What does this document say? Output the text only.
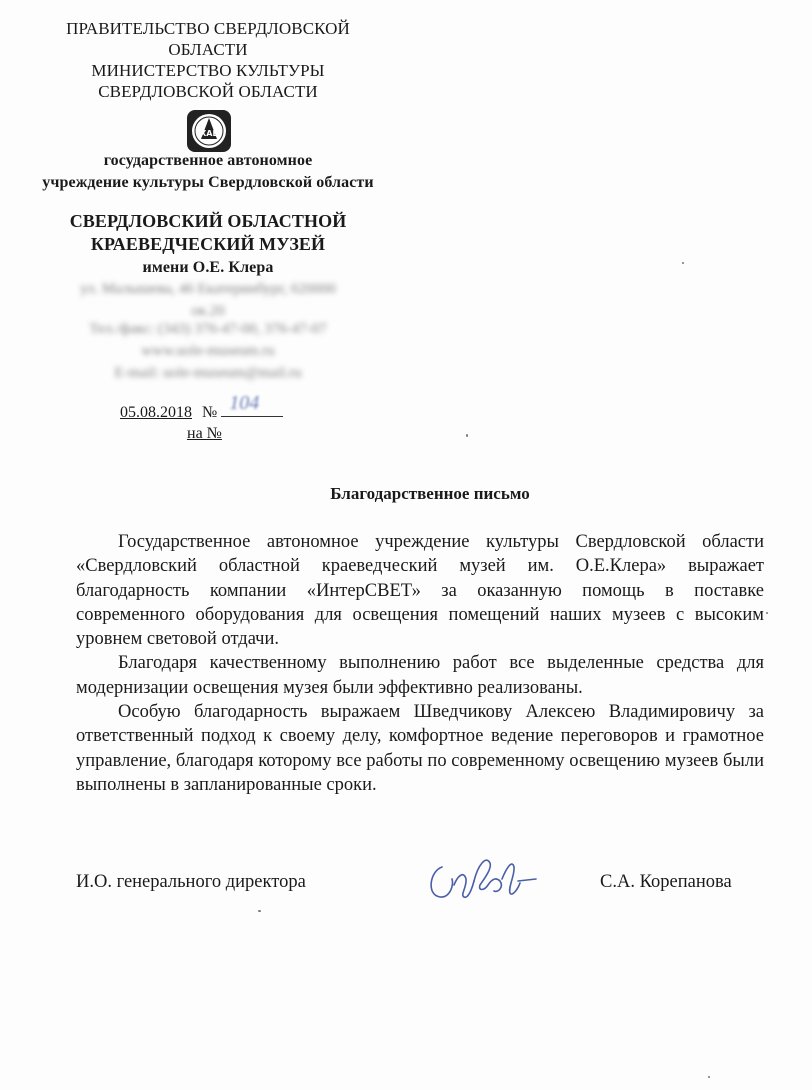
ПРАВИТЕЛЬСТВО СВЕРДЛОВСКОЙ
ОБЛАСТИ
МИНИСТЕРСТВО КУЛЬТУРЫ
СВЕРДЛОВСКОЙ ОБЛАСТИ
ХАЕ
государственное автономное
учреждение культуры Свердловской области
СВЕРДЛОВСКИЙ ОБЛАСТНОЙ
КРАЕВЕДЧЕСКИЙ МУЗЕЙ
имени О.Е. Клера
ул. Малышева, 46 Екатеринбург, 620000
ок.20
Тел./факс: (343) 376-47-00, 376-47-07
www.uole-museum.ru
E-mail: uole-museum@mail.ru
05.08.2018 № 104
на №
Благодарственное письмо

Государственное автономное учреждение культуры Свердловской области «Свердловский областной краеведческий музей им. О.Е.Клера» выражает благодарность компании «ИнтерСВЕТ» за оказанную помощь в поставке современного оборудования для освещения помещений наших музеев с высоким уровнем световой отдачи.

Благодаря качественному выполнению работ все выделенные средства для модернизации освещения музея были эффективно реализованы.

Особую благодарность выражаем Шведчикову Алексею Владимировичу за ответственный подход к своему делу, комфортное ведение переговоров и грамотное управление, благодаря которому все работы по современному освещению музеев были выполнены в запланированные сроки.

И.О. генерального директора	С.А. Корепанова
